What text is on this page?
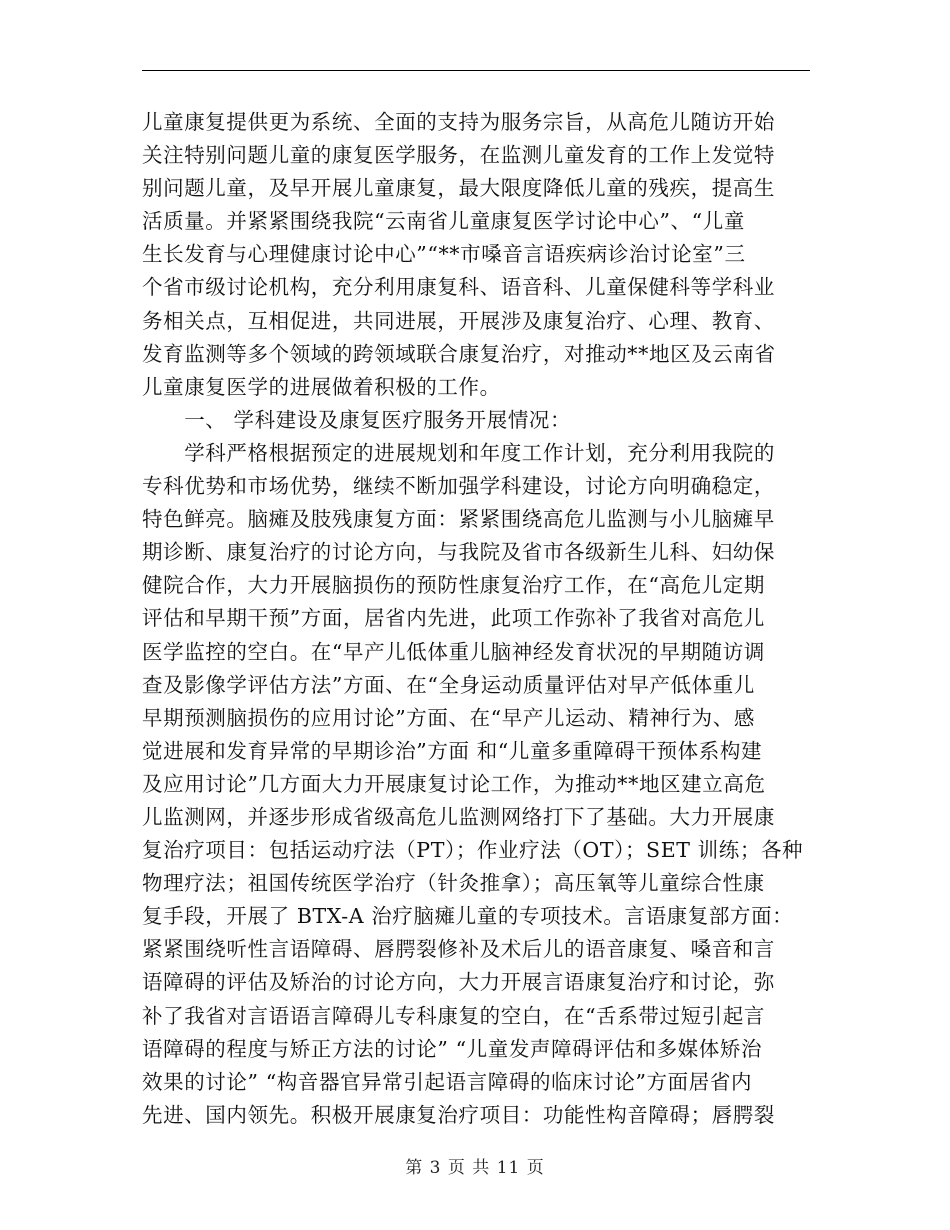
儿童康复提供更为系统、全面的支持为服务宗旨，从高危儿随访开始
关注特别问题儿童的康复医学服务，在监测儿童发育的工作上发觉特
别问题儿童，及早开展儿童康复，最大限度降低儿童的残疾，提高生
活质量。并紧紧围绕我院“云南省儿童康复医学讨论中心”、“儿童
生长发育与心理健康讨论中心”“**市嗓音言语疾病诊治讨论室”三
个省市级讨论机构，充分利用康复科、语音科、儿童保健科等学科业
务相关点，互相促进，共同进展，开展涉及康复治疗、心理、教育、
发育监测等多个领域的跨领域联合康复治疗，对推动**地区及云南省
儿童康复医学的进展做着积极的工作。
　　一、 学科建设及康复医疗服务开展情况：
　　学科严格根据预定的进展规划和年度工作计划，充分利用我院的
专科优势和市场优势，继续不断加强学科建设，讨论方向明确稳定，
特色鲜亮。脑瘫及肢残康复方面：紧紧围绕高危儿监测与小儿脑瘫早
期诊断、康复治疗的讨论方向，与我院及省市各级新生儿科、妇幼保
健院合作，大力开展脑损伤的预防性康复治疗工作，在“高危儿定期
评估和早期干预”方面，居省内先进，此项工作弥补了我省对高危儿
医学监控的空白。在“早产儿低体重儿脑神经发育状况的早期随访调
查及影像学评估方法”方面、在“全身运动质量评估对早产低体重儿
早期预测脑损伤的应用讨论”方面、在“早产儿运动、精神行为、感
觉进展和发育异常的早期诊治”方面 和“儿童多重障碍干预体系构建
及应用讨论”几方面大力开展康复讨论工作，为推动**地区建立高危
儿监测网，并逐步形成省级高危儿监测网络打下了基础。大力开展康
复治疗项目：包括运动疗法（PT）；作业疗法（OT）；SET 训练；各种
物理疗法；祖国传统医学治疗（针灸推拿）；高压氧等儿童综合性康
复手段，开展了 BTX-A 治疗脑瘫儿童的专项技术。言语康复部方面：
紧紧围绕听性言语障碍、唇腭裂修补及术后儿的语音康复、嗓音和言
语障碍的评估及矫治的讨论方向，大力开展言语康复治疗和讨论，弥
补了我省对言语语言障碍儿专科康复的空白，在“舌系带过短引起言
语障碍的程度与矫正方法的讨论” “儿童发声障碍评估和多媒体矫治
效果的讨论” “构音器官异常引起语言障碍的临床讨论”方面居省内
先进、国内领先。积极开展康复治疗项目：功能性构音障碍；唇腭裂
第 3 页 共 11 页
